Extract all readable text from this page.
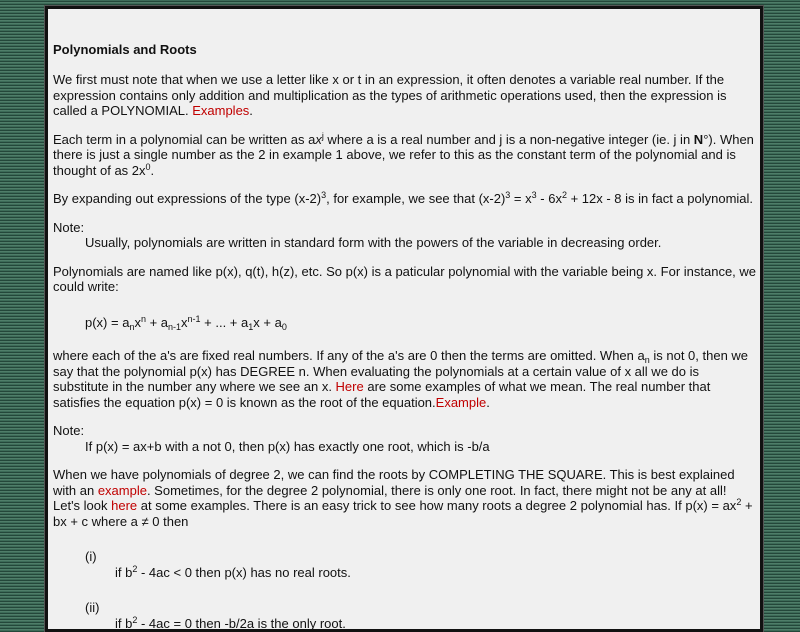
Polynomials and Roots

We first must note that when we use a letter like x or t in an expression, it often denotes a variable real number. If the expression contains only addition and multiplication as the types of arithmetic operations used, then the expression is called a POLYNOMIAL. Examples.

Each term in a polynomial can be written as $ax^j$ where a is a real number and j is a non-negative integer (ie. j in N°). When there is just a single number as the 2 in example 1 above, we refer to this as the constant term of the polynomial and is thought of as $2x^0$.

By expanding out expressions of the type $(x-2)^3$, for example, we see that $(x-2)^3 = x^3 - 6x^2 + 12x - 8$ is in fact a polynomial.

Note:
Usually, polynomials are written in standard form with the powers of the variable in decreasing order.

Polynomials are named like p(x), q(t), h(z), etc. So p(x) is a paticular polynomial with the variable being x. For instance, we could write:

$p(x) = a_nx^n + a_{n-1}x^{n-1}$ + ... + $a_1x + a_0$

where each of the a's are fixed real numbers. If any of the a's are 0 then the terms are omitted. When $a_n$ is not 0, then we say that the polynomial p(x) has DEGREE n. When evaluating the polynomials at a certain value of x all we do is substitute in the number any where we see an x. Here are some examples of what we mean. The real number that satisfies the equation p(x) = 0 is known as the root of the equation.Example.

Note:
If p(x) = ax+b with a not 0, then p(x) has exactly one root, which is -b/a

When we have polynomials of degree 2, we can find the roots by COMPLETING THE SQUARE. This is best explained with an example. Sometimes, for the degree 2 polynomial, there is only one root. In fact, there might not be any at all! Let's look here at some examples. There is an easy trick to see how many roots a degree 2 polynomial has. If $p(x) = ax^2$ + bx + c where a ≠ 0 then

(i)
if $b^2 - 4ac < 0$ then p(x) has no real roots.
(ii)
if $b^2 - 4ac = 0$ then -b/2a is the only root.
